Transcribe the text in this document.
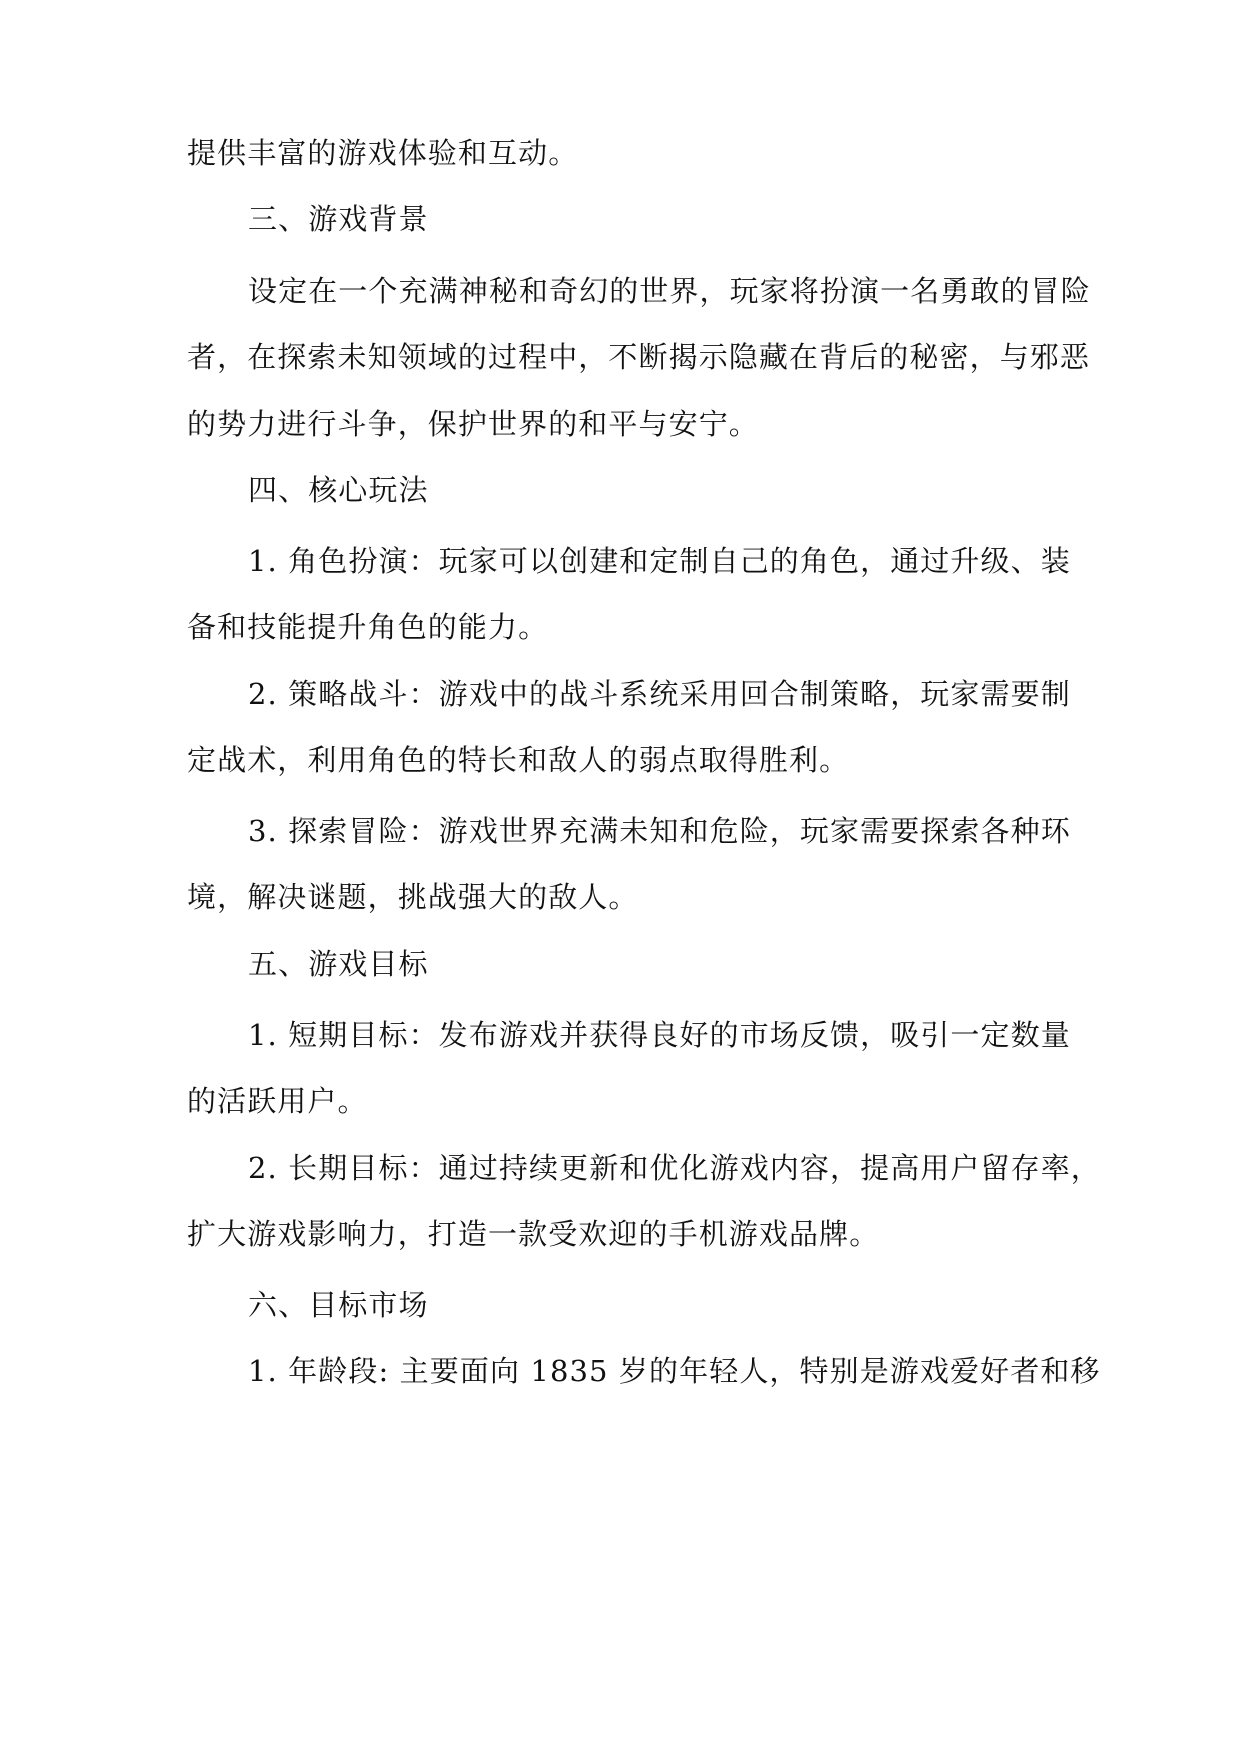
提供丰富的游戏体验和互动。
三、游戏背景
设定在一个充满神秘和奇幻的世界，玩家将扮演一名勇敢的冒险
者，在探索未知领域的过程中，不断揭示隐藏在背后的秘密，与邪恶
的势力进行斗争，保护世界的和平与安宁。
四、核心玩法
1. 角色扮演：玩家可以创建和定制自己的角色，通过升级、装
备和技能提升角色的能力。
2. 策略战斗：游戏中的战斗系统采用回合制策略，玩家需要制
定战术，利用角色的特长和敌人的弱点取得胜利。
3. 探索冒险：游戏世界充满未知和危险，玩家需要探索各种环
境，解决谜题，挑战强大的敌人。
五、游戏目标
1. 短期目标：发布游戏并获得良好的市场反馈，吸引一定数量
的活跃用户。
2. 长期目标：通过持续更新和优化游戏内容，提高用户留存率，
扩大游戏影响力，打造一款受欢迎的手机游戏品牌。
六、目标市场
1. 年龄段: 主要面向 1835 岁的年轻人，特别是游戏爱好者和移
